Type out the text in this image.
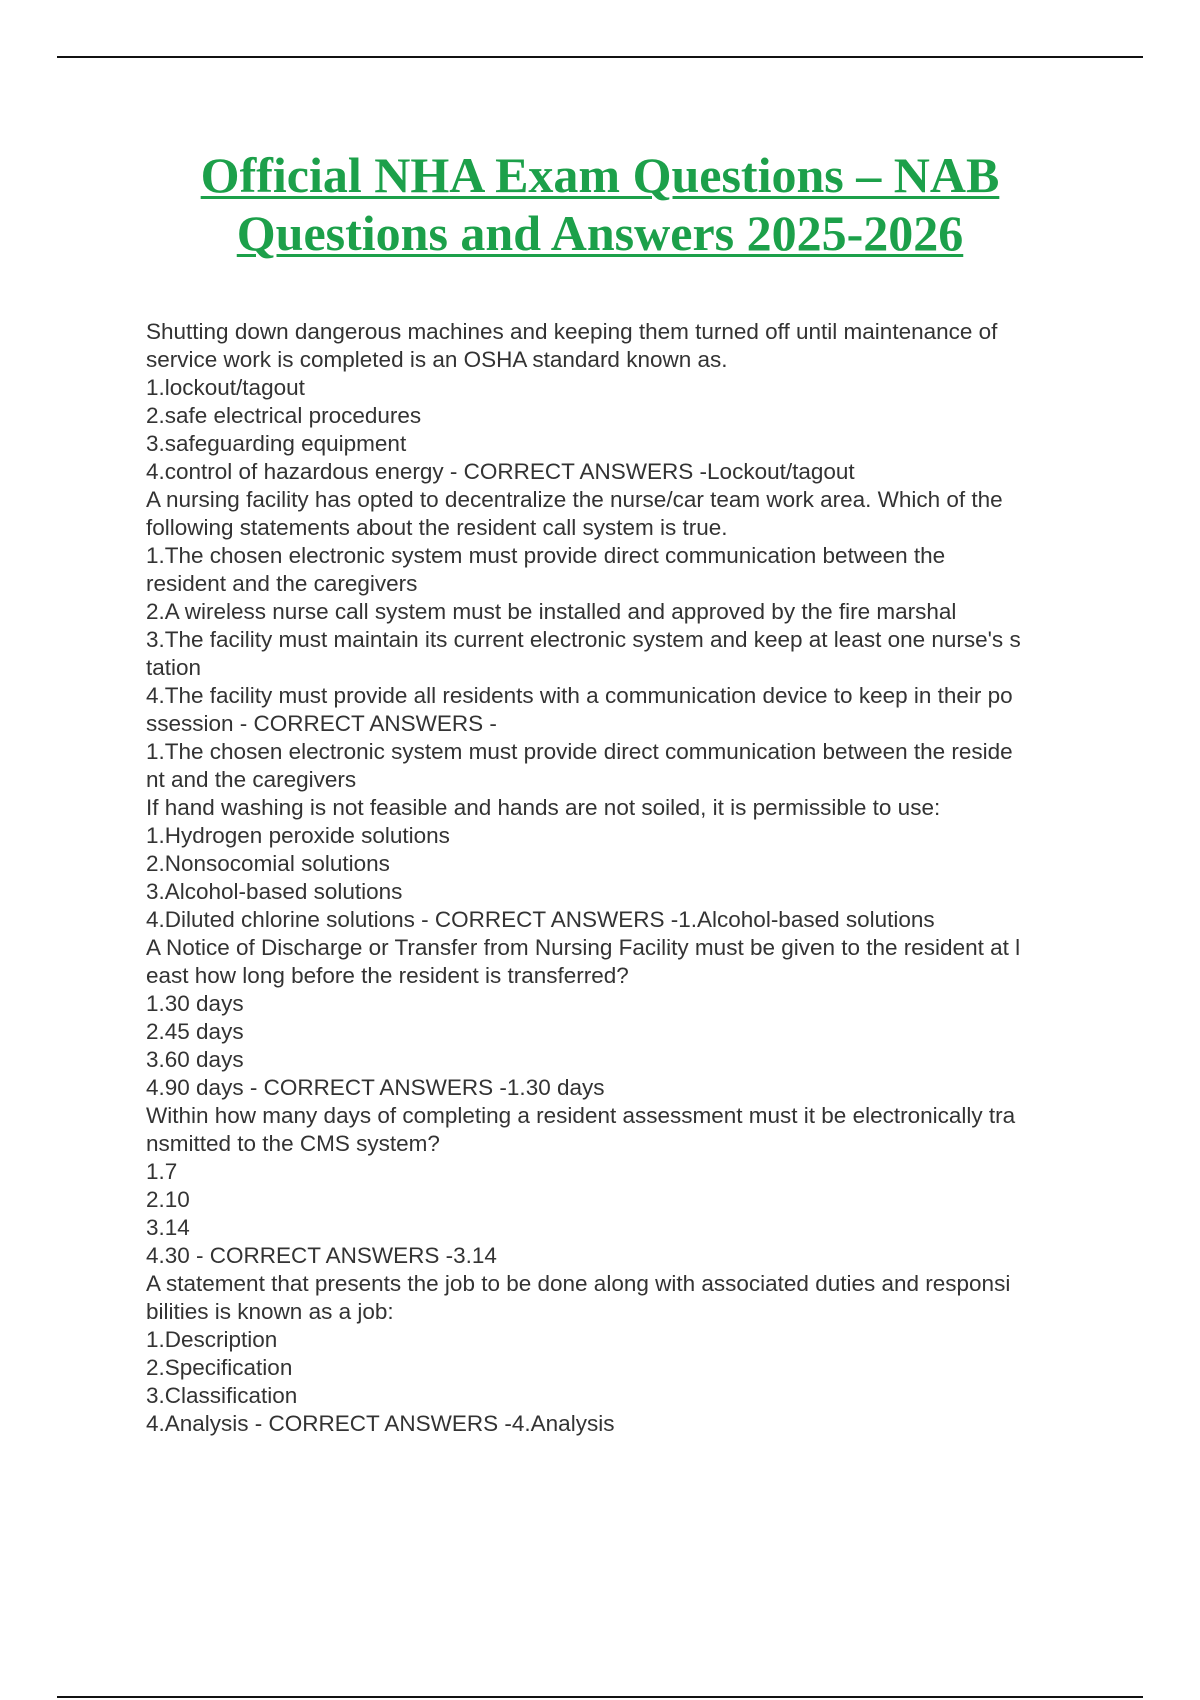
Official NHA Exam Questions – NAB
Questions and Answers 2025-2026
Shutting down dangerous machines and keeping them turned off until maintenance of
service work is completed is an OSHA standard known as.
1.lockout/tagout
2.safe electrical procedures
3.safeguarding equipment
4.control of hazardous energy - CORRECT ANSWERS -Lockout/tagout
A nursing facility has opted to decentralize the nurse/car team work area. Which of the
following statements about the resident call system is true.
1.The chosen electronic system must provide direct communication between the
resident and the caregivers
2.A wireless nurse call system must be installed and approved by the fire marshal
3.The facility must maintain its current electronic system and keep at least one nurse's s
tation
4.The facility must provide all residents with a communication device to keep in their po
ssession - CORRECT ANSWERS -
1.The chosen electronic system must provide direct communication between the reside
nt and the caregivers
If hand washing is not feasible and hands are not soiled, it is permissible to use:
1.Hydrogen peroxide solutions
2.Nonsocomial solutions
3.Alcohol-based solutions
4.Diluted chlorine solutions - CORRECT ANSWERS -1.Alcohol-based solutions
A Notice of Discharge or Transfer from Nursing Facility must be given to the resident at l
east how long before the resident is transferred?
1.30 days
2.45 days
3.60 days
4.90 days - CORRECT ANSWERS -1.30 days
Within how many days of completing a resident assessment must it be electronically tra
nsmitted to the CMS system?
1.7
2.10
3.14
4.30 - CORRECT ANSWERS -3.14
A statement that presents the job to be done along with associated duties and responsi
bilities is known as a job:
1.Description
2.Specification
3.Classification
4.Analysis - CORRECT ANSWERS -4.Analysis
